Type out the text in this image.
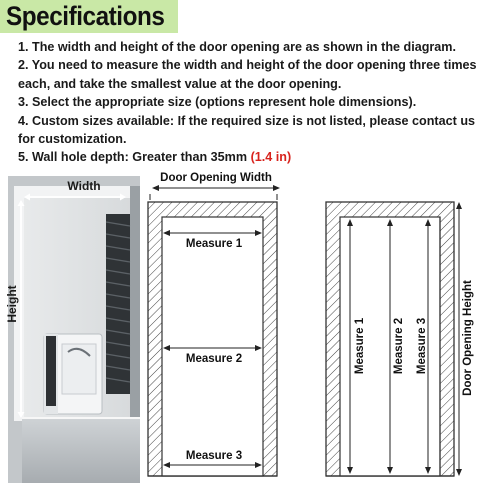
Specifications

1. The width and height of the door opening are as shown in the diagram.

2. You need to measure the width and height of the door opening three times each, and take the smallest value at the door opening.

3. Select the appropriate size (options represent hole dimensions).

4. Custom sizes available: If the required size is not listed, please contact us for customization.

5. Wall hole depth: Greater than 35mm (1.4 in)

Width
Height
Door Opening Width
Measure 1
Measure 2
Measure 3
Measure 1 Measure 2 Measure 3	Door Opening Height
